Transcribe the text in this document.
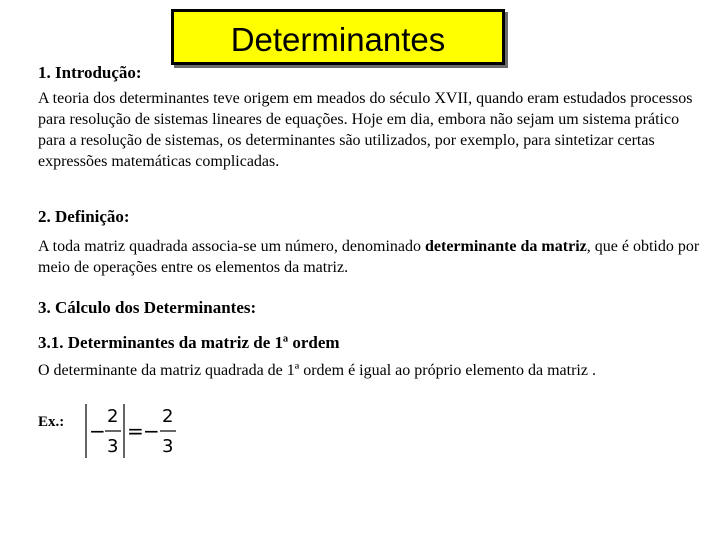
Determinantes
1. Introdução:
A teoria dos determinantes teve origem em meados do século XVII, quando eram estudados processos para resolução de sistemas lineares de equações. Hoje em dia, embora não sejam um sistema prático para a resolução de sistemas, os determinantes são utilizados, por exemplo, para sintetizar certas expressões matemáticas complicadas.
2. Definição:
A toda matriz quadrada associa-se um número, denominado determinante da matriz, que é obtido por meio de operações entre os elementos da matriz.
3. Cálculo dos Determinantes:
3.1. Determinantes da matriz de 1ª ordem
O determinante da matriz quadrada de 1ª ordem é igual ao próprio elemento da matriz .
Ex.: −
2
3
= −
2
3
